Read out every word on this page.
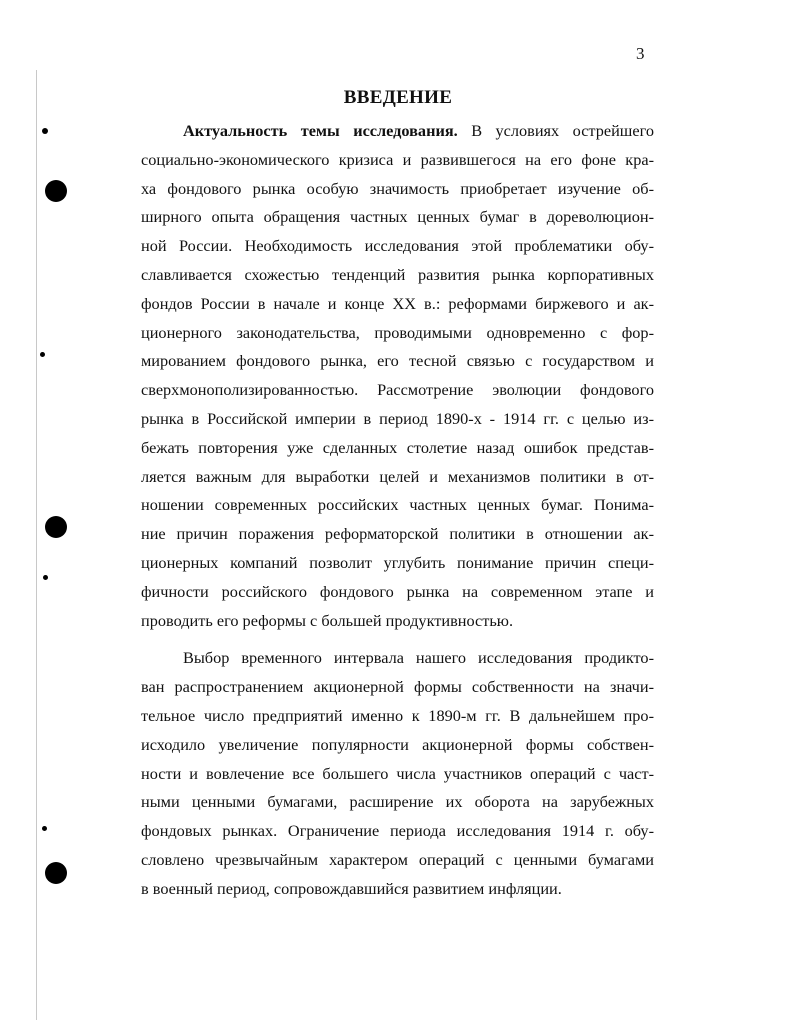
3
ВВЕДЕНИЕ
Актуальность темы исследования. В условиях острейшего
социально-экономического кризиса и развившегося на его фоне кра-
ха фондового рынка особую значимость приобретает изучение об-
ширного опыта обращения частных ценных бумаг в дореволюцион-
ной России. Необходимость исследования этой проблематики обу-
славливается схожестью тенденций развития рынка корпоративных
фондов России в начале и конце XX в.: реформами биржевого и ак-
ционерного законодательства, проводимыми одновременно с фор-
мированием фондового рынка, его тесной связью с государством и
сверхмонополизированностью. Рассмотрение эволюции фондового
рынка в Российской империи в период 1890-х - 1914 гг. с целью из-
бежать повторения уже сделанных столетие назад ошибок представ-
ляется важным для выработки целей и механизмов политики в от-
ношении современных российских частных ценных бумаг. Понима-
ние причин поражения реформаторской политики в отношении ак-
ционерных компаний позволит углубить понимание причин специ-
фичности российского фондового рынка на современном этапе и
проводить его реформы с большей продуктивностью.
Выбор временного интервала нашего исследования продикто-
ван распространением акционерной формы собственности на значи-
тельное число предприятий именно к 1890-м гг. В дальнейшем про-
исходило увеличение популярности акционерной формы собствен-
ности и вовлечение все большего числа участников операций с част-
ными ценными бумагами, расширение их оборота на зарубежных
фондовых рынках. Ограничение периода исследования 1914 г. обу-
словлено чрезвычайным характером операций с ценными бумагами
в военный период, сопровождавшийся развитием инфляции.
